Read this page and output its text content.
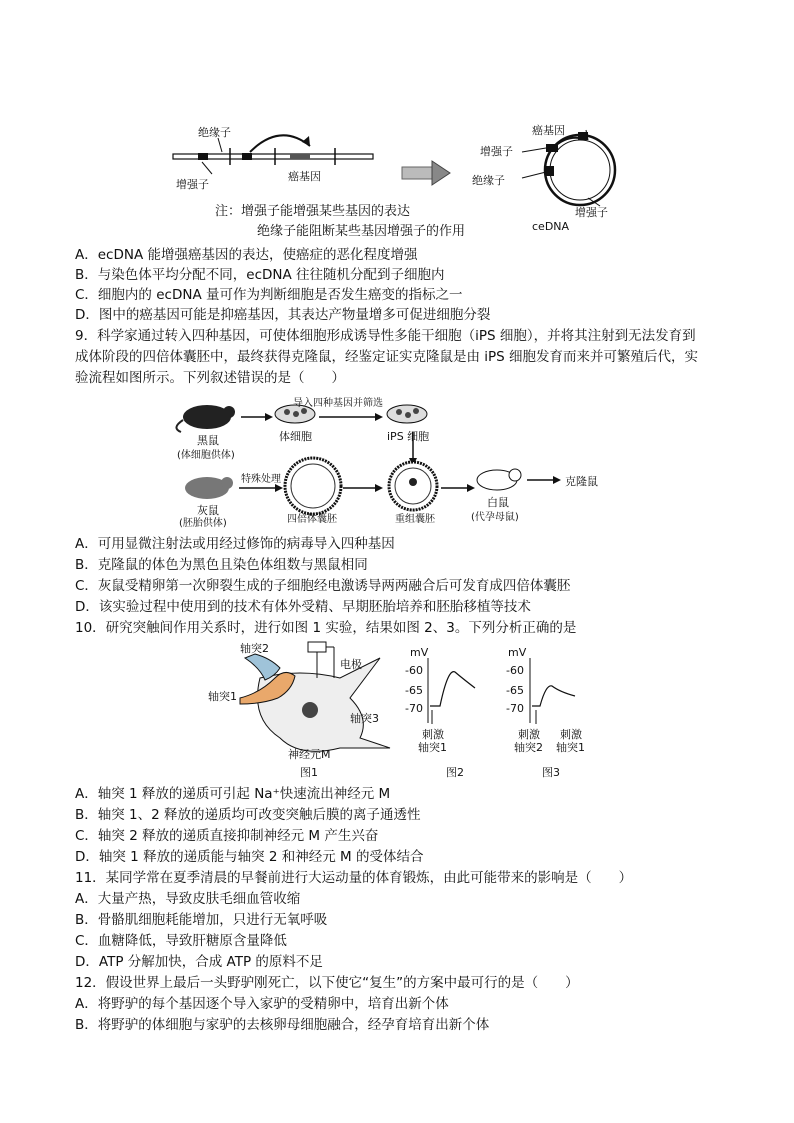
绝缘子
增强子
癌基因
癌基因
增强子
绝缘子
增强子
ceDNA
注：增强子能增强某些基因的表达
绝缘子能阻断某些基因增强子的作用
A．ecDNA 能增强癌基因的表达，使癌症的恶化程度增强
B．与染色体平均分配不同，ecDNA 往往随机分配到子细胞内
C．细胞内的 ecDNA 量可作为判断细胞是否发生癌变的指标之一
D．图中的癌基因可能是抑癌基因，其表达产物量增多可促进细胞分裂
9．科学家通过转入四种基因，可使体细胞形成诱导性多能干细胞（iPS 细胞），并将其注射到无法发育到
成体阶段的四倍体囊胚中，最终获得克隆鼠，经鉴定证实克隆鼠是由 iPS 细胞发育而来并可繁殖后代，实
验流程如图所示。下列叙述错误的是（　　）
导入四种基因并筛选
黑鼠
(体细胞供体)
体细胞	iPS 细胞
特殊处理
灰鼠
(胚胎供体)	四倍体囊胚	重组囊胚
白鼠
(代孕母鼠)
克隆鼠
A．可用显微注射法或用经过修饰的病毒导入四种基因
B．克隆鼠的体色为黑色且染色体组数与黑鼠相同
C．灰鼠受精卵第一次卵裂生成的子细胞经电激诱导两两融合后可发育成四倍体囊胚
D．该实验过程中使用到的技术有体外受精、早期胚胎培养和胚胎移植等技术
10．研究突触间作用关系时，进行如图 1 实验，结果如图 2、3。下列分析正确的是
轴突2
电极
轴突1
轴突3
神经元M
图1
mV
-60
-65
-70
刺激
轴突1
图2
mV
-60
-65
-70
刺激
轴突2
刺激
轴突1
图3
A．轴突 1 释放的递质可引起 Na⁺快速流出神经元 M
B．轴突 1、2 释放的递质均可改变突触后膜的离子通透性
C．轴突 2 释放的递质直接抑制神经元 M 产生兴奋
D．轴突 1 释放的递质能与轴突 2 和神经元 M 的受体结合
11．某同学常在夏季清晨的早餐前进行大运动量的体育锻炼，由此可能带来的影响是（　　）
A．大量产热，导致皮肤毛细血管收缩
B．骨骼肌细胞耗能增加，只进行无氧呼吸
C．血糖降低，导致肝糖原含量降低
D．ATP 分解加快，合成 ATP 的原料不足
12．假设世界上最后一头野驴刚死亡，以下使它“复生”的方案中最可行的是（　　）
A．将野驴的每个基因逐个导入家驴的受精卵中，培育出新个体
B．将野驴的体细胞与家驴的去核卵母细胞融合，经孕育培育出新个体
